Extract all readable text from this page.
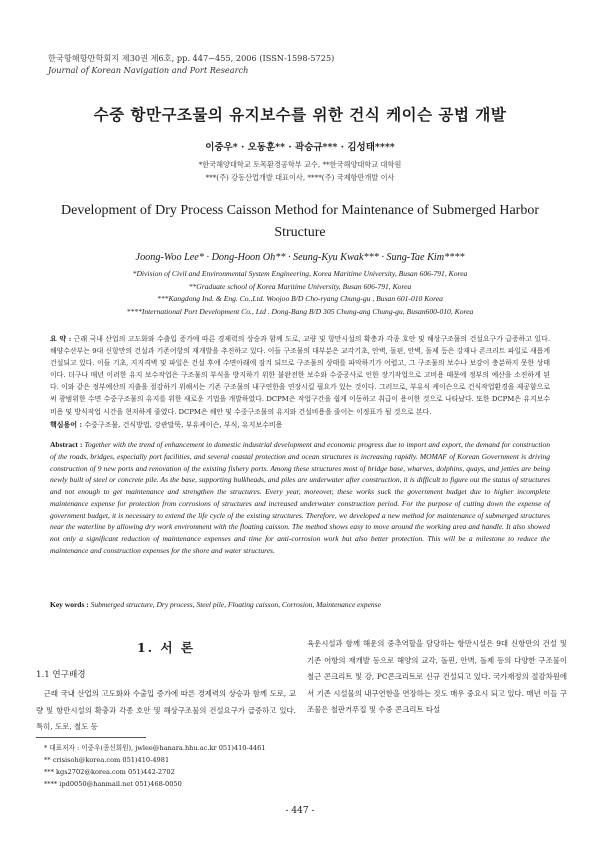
한국항해항만학회지 제30권 제6호, pp. 447~455, 2006 (ISSN-1598-5725)
Journal of Korean Navigation and Port Research
수중 항만구조물의 유지보수를 위한 건식 케이슨 공법 개발
이중우* · 오동훈** · 곽승규*** · 김성태****
*한국해양대학교 토목환경공학부 교수, **한국해양대학교 대학원
***(주) 강동산업개발 대표이사, ****(주) 국제항만개발 이사
Development of Dry Process Caisson Method for Maintenance of Submerged Harbor Structure
Joong-Woo Lee* · Dong-Hoon Oh** · Seung-Kyu Kwak*** · Sung-Tae Kim****
*Division of Civil and Environmental System Engineering, Korea Maritime University, Busan 606-791, Korea
**Graduate school of Korea Maritime University, Busan 606-791, Korea
***Kangdong Ind. & Eng. Co.,Ltd. Woojoo B/D Cho-ryang Chung-gu , Busan 601-010 Korea
****International Port Development Co., Ltd . Dong-Bang B/D 305 Chung-ang Chung-gu, Busan600-010, Korea
요 약 : 근래 국내 산업의 고도화와 수출입 증가에 따른 경제력의 상승과 함께 도로, 교량 및 항만시설의 확충과 각종 호안 및 해상구조물의 건설요구가 급증하고 있다. 해양수산부는 9대 신항만의 건설과 기존어항의 재개발을 추진하고 있다. 이들 구조물의 대부분은 교각기초, 안벽, 돌핀, 안벽, 돌제 등은 강재나 콘크리트 파일로 새롭게 건설되고 있다. 이들 기초, 지지격벽 및 파일은 건설 후에 수면아래에 잠겨 되므로 구조물의 상태를 파악하기가 어렵고, 그 구조물의 보수나 보강이 충분하지 못한 상태이다. 더구나 매년 이러한 유지 보수작업은 구조물의 부식을 방지하기 위한 불완전한 보수와 수중공사로 인한 장기작업으로 고비용 때문에 정부의 예산을 소진하게 된다. 이와 같은 정부예산의 지출을 절감하기 위해서는 기존 구조물의 내구연한을 연장시킬 필요가 있는 것이다. 그러므로, 부유식 케이슨으로 건식작업환경을 제공함으로써 광범위한 수면 수중구조물의 유지를 위한 새로운 기법을 개발하였다. DCPM은 작업구간을 쉽게 이동하고 취급이 용이한 것으로 나타났다. 또한 DCPM은 유지보수비용 및 방식작업 시간을 현저하게 줄였다. DCPM은 해안 및 수중구조물의 유지와 건설비용을 줄이는 이정표가 될 것으로 본다.
핵심용어 : 수중구조물, 건식방법, 강관말뚝, 부유케이슨, 부식, 유지보수비용
Abstract : Together with the trend of enhancement in domestic industrial development and economic progress due to import and export, the demand for construction of the roads, bridges, especially port facilities, and several coastal protection and ocean structures is increasing rapidly. MOMAF of Korean Government is driving construction of 9 new ports and renovation of the existing fishery ports. Among these structures most of bridge base, wharves, dolphins, quays, and jetties are being newly built of steel or concrete pile. As the base, supporting bulkheads, and piles are underwater after construction, it is difficult to figure out the status of structures and not enough to get maintenance and strengthen the structures. Every year, moreover, these works suck the government budget due to higher incomplete maintenance expense for protection from corrosions of structures and increased underwater construction period. For the purpose of cutting down the expense of government budget, it is necessary to extend the life cycle of the existing structures. Therefore, we developed a new method for maintenance of submerged structures near the waterline by allowing dry work environment with the floating caisson. The method shows easy to move around the working area and handle. It also showed not only a significant reduction of maintenance expenses and time for anti-corrosion work but also better protection. This will be a milestone to reduce the maintenance and construction expenses for the shore and water structures.
Key words : Submerged structure, Dry process, Steel pile, Floating caisson, Corrosion, Maintenance expense
1. 서 론
1.1 연구배경
근래 국내 산업의 고도화와 수출입 증가에 따른 경제력의 상승과 함께 도로, 교량 및 항만시설의 확충과 각종 호안 및 해상구조물의 건설요구가 급증하고 있다. 특히, 도로, 철도 등
육운시설과 함께 해운의 중추역할을 담당하는 항만시설은 9대 신항만의 건설 및 기존 어항의 재개발 등으로 해양의 교각, 돌핀, 안벽, 돌제 등의 다양한 구조물이 철근 콘크리트 및 강, PC콘크리트로 신규 건설되고 있다. 국가재정의 절감차원에서 기존 시설물의 내구연한을 연장하는 것도 매우 중요시 되고 있다. 매년 이들 구조물은 철판거푸집 및 수중 콘크리트 타설
* 대표저자 : 이중우(종신회원), jwlee@hanara.hhu.ac.kr 051)410-4461
** crisisoh@korea.com 051)410-4981
*** kgs2702@korea.com 051)442-2702
**** ipd0050@hanmail.net 051)468-0050
- 447 -
